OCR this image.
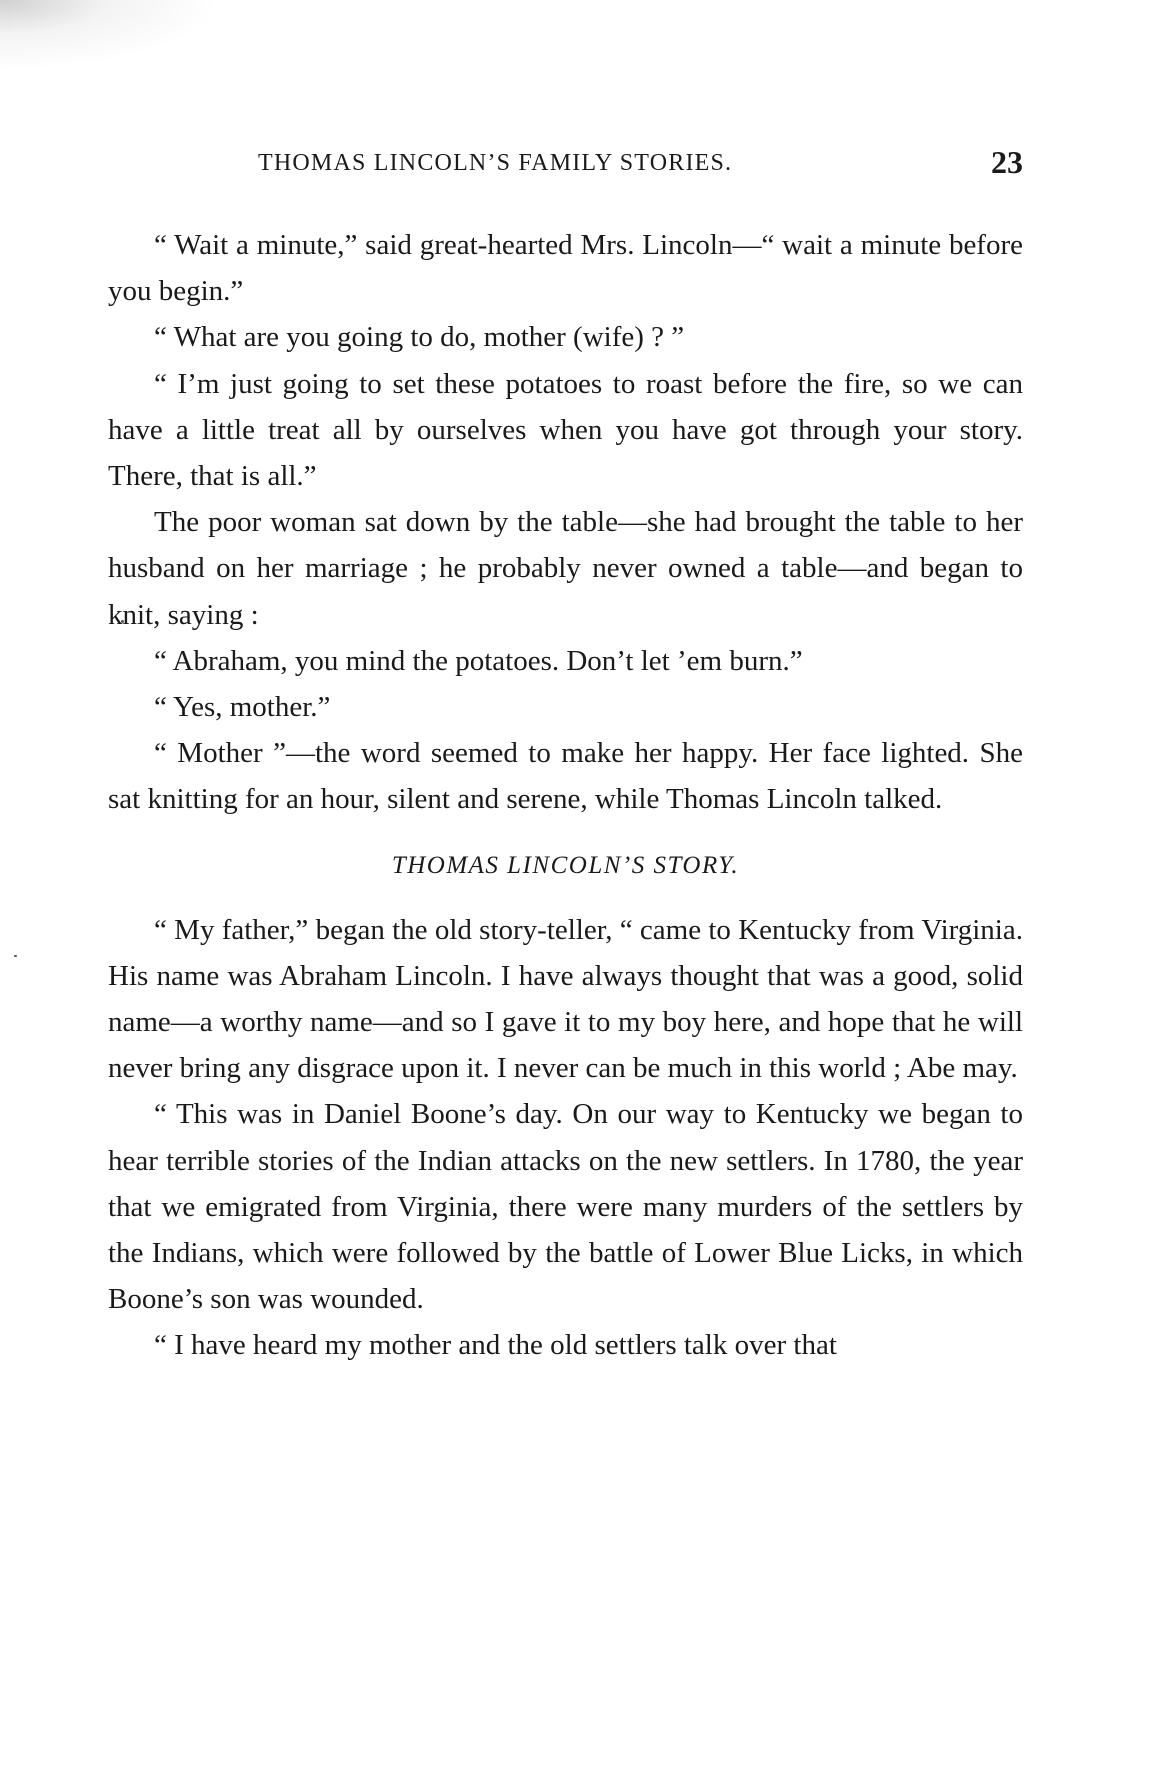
THOMAS LINCOLN’S FAMILY STORIES.	23

“ Wait a minute,” said great-hearted Mrs. Lincoln—“ wait a minute before you begin.”

“ What are you going to do, mother (wife) ? ”

“ I’m just going to set these potatoes to roast before the fire, so we can have a little treat all by ourselves when you have got through your story. There, that is all.”

The poor woman sat down by the table—she had brought the table to her husband on her marriage ; he probably never owned a table—and began to knit, saying :

“ Abraham, you mind the potatoes. Don’t let ’em burn.”

“ Yes, mother.”

“ Mother ”—the word seemed to make her happy. Her face lighted. She sat knitting for an hour, silent and serene, while Thomas Lincoln talked.

THOMAS LINCOLN’S STORY.

“ My father,” began the old story-teller, “ came to Kentucky from Virginia. His name was Abraham Lincoln. I have always thought that was a good, solid name—a worthy name—and so I gave it to my boy here, and hope that he will never bring any disgrace upon it. I never can be much in this world ; Abe may.

“ This was in Daniel Boone’s day. On our way to Kentucky we began to hear terrible stories of the Indian attacks on the new settlers. In 1780, the year that we emigrated from Virginia, there were many murders of the settlers by the Indians, which were followed by the battle of Lower Blue Licks, in which Boone’s son was wounded.

“ I have heard my mother and the old settlers talk over that
